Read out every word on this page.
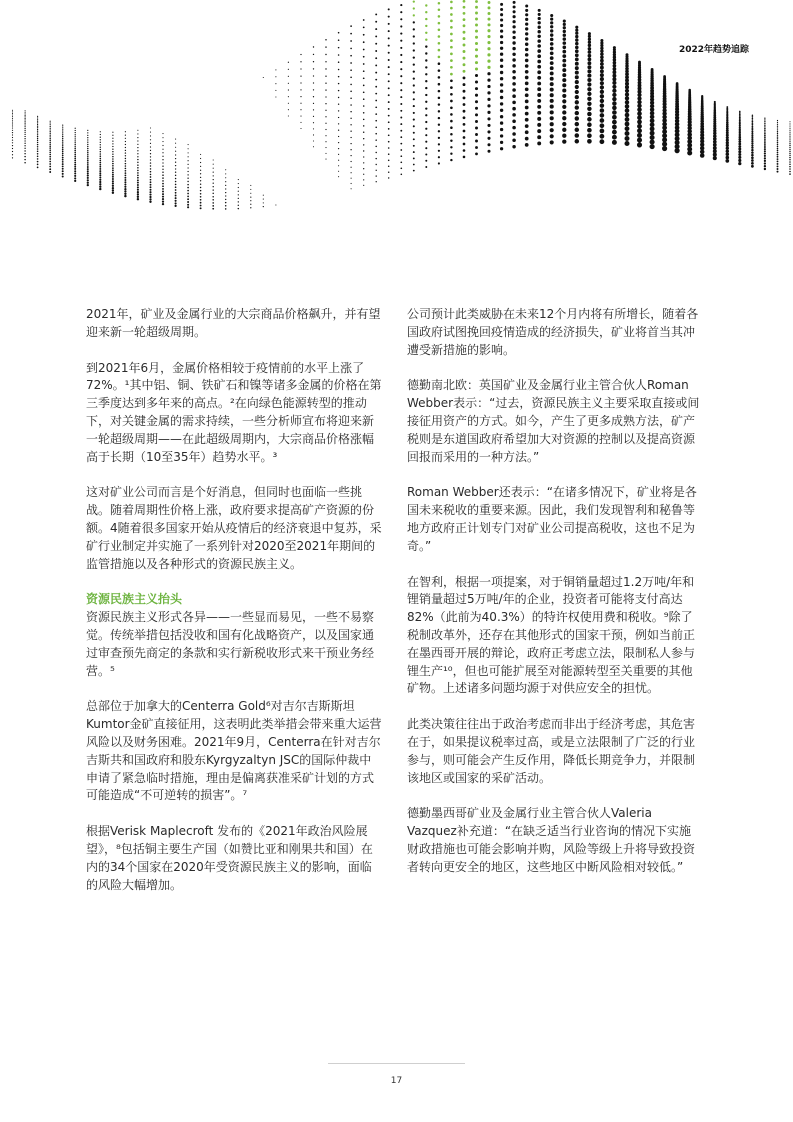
2022年趋势追踪

2021年，矿业及金属行业的大宗商品价格飙升，并有望迎来新一轮超级周期。

到2021年6月，金属价格相较于疫情前的水平上涨了72%。¹其中铝、铜、铁矿石和镍等诸多金属的价格在第三季度达到多年来的高点。²在向绿色能源转型的推动下，对关键金属的需求持续，一些分析师宣布将迎来新一轮超级周期——在此超级周期内，大宗商品价格涨幅高于长期（10至35年）趋势水平。³

这对矿业公司而言是个好消息，但同时也面临一些挑战。随着周期性价格上涨，政府要求提高矿产资源的份额。4随着很多国家开始从疫情后的经济衰退中复苏，采矿行业制定并实施了一系列针对2020至2021年期间的监管措施以及各种形式的资源民族主义。

资源民族主义抬头

资源民族主义形式各异——一些显而易见，一些不易察觉。传统举措包括没收和国有化战略资产，以及国家通过审查预先商定的条款和实行新税收形式来干预业务经营。⁵

总部位于加拿大的Centerra Gold⁶对吉尔吉斯斯坦Kumtor金矿直接征用，这表明此类举措会带来重大运营风险以及财务困难。2021年9月，Centerra在针对吉尔吉斯共和国政府和股东Kyrgyzaltyn JSC的国际仲裁中申请了紧急临时措施，理由是偏离获准采矿计划的方式可能造成“不可逆转的损害”。⁷

根据Verisk Maplecroft 发布的《2021年政治风险展望》，⁸包括铜主要生产国（如赞比亚和刚果共和国）在内的34个国家在2020年受资源民族主义的影响，面临的风险大幅增加。

公司预计此类威胁在未来12个月内将有所增长，随着各国政府试图挽回疫情造成的经济损失，矿业将首当其冲遭受新措施的影响。

德勤南北欧：英国矿业及金属行业主管合伙人Roman Webber表示：“过去，资源民族主义主要采取直接或间接征用资产的方式。如今，产生了更多成熟方法，矿产税则是东道国政府希望加大对资源的控制以及提高资源回报而采用的一种方法。”

Roman Webber还表示：“在诸多情况下，矿业将是各国未来税收的重要来源。因此，我们发现智利和秘鲁等地方政府正计划专门对矿业公司提高税收，这也不足为奇。”

在智利，根据一项提案，对于铜销量超过1.2万吨/年和锂销量超过5万吨/年的企业，投资者可能将支付高达82%（此前为40.3%）的特许权使用费和税收。⁹除了税制改革外，还存在其他形式的国家干预，例如当前正在墨西哥开展的辩论，政府正考虑立法，限制私人参与锂生产¹⁰，但也可能扩展至对能源转型至关重要的其他矿物。上述诸多问题均源于对供应安全的担忧。

此类决策往往出于政治考虑而非出于经济考虑，其危害在于，如果提议税率过高，或是立法限制了广泛的行业参与，则可能会产生反作用，降低长期竞争力，并限制该地区或国家的采矿活动。

德勤墨西哥矿业及金属行业主管合伙人Valeria Vazquez补充道：“在缺乏适当行业咨询的情况下实施财政措施也可能会影响并购，风险等级上升将导致投资者转向更安全的地区，这些地区中断风险相对较低。”

17
